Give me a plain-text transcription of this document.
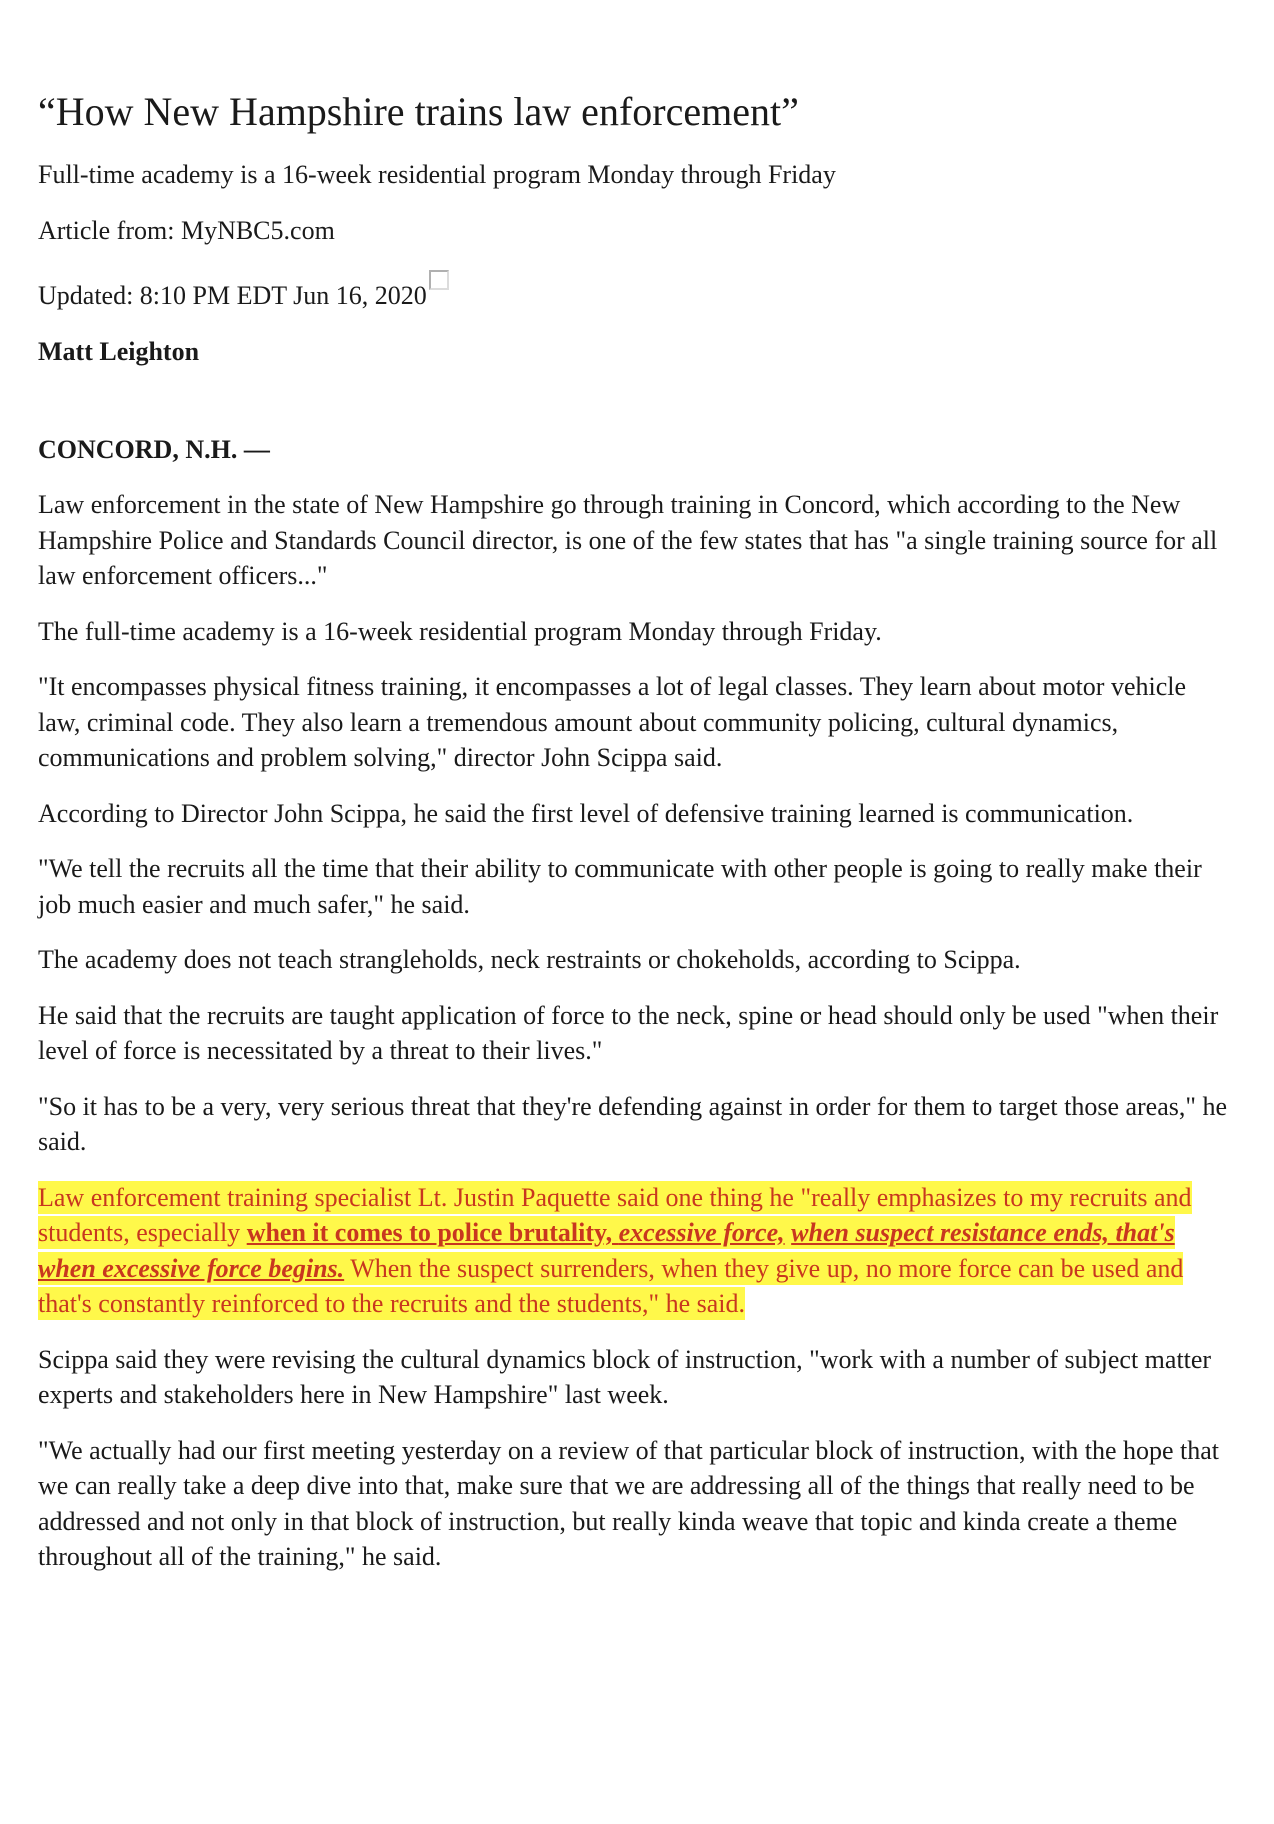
“How New Hampshire trains law enforcement”

Full-time academy is a 16-week residential program Monday through Friday

Article from: MyNBC5.com

Updated: 8:10 PM EDT Jun 16, 2020

Matt Leighton

CONCORD, N.H. —

Law enforcement in the state of New Hampshire go through training in Concord, which according to the New Hampshire Police and Standards Council director, is one of the few states that has "a single training source for all law enforcement officers..."

The full-time academy is a 16-week residential program Monday through Friday.

"It encompasses physical fitness training, it encompasses a lot of legal classes. They learn about motor vehicle law, criminal code. They also learn a tremendous amount about community policing, cultural dynamics, communications and problem solving," director John Scippa said.

According to Director John Scippa, he said the first level of defensive training learned is communication.

"We tell the recruits all the time that their ability to communicate with other people is going to really make their job much easier and much safer," he said.

The academy does not teach strangleholds, neck restraints or chokeholds, according to Scippa.

He said that the recruits are taught application of force to the neck, spine or head should only be used "when their level of force is necessitated by a threat to their lives."

"So it has to be a very, very serious threat that they're defending against in order for them to target those areas," he said.

Law enforcement training specialist Lt. Justin Paquette said one thing he "really emphasizes to my recruits and students, especially when it comes to police brutality, excessive force, when suspect resistance ends, that's when excessive force begins. When the suspect surrenders, when they give up, no more force can be used and that's constantly reinforced to the recruits and the students," he said.

Scippa said they were revising the cultural dynamics block of instruction, "work with a number of subject matter experts and stakeholders here in New Hampshire" last week.

"We actually had our first meeting yesterday on a review of that particular block of instruction, with the hope that we can really take a deep dive into that, make sure that we are addressing all of the things that really need to be addressed and not only in that block of instruction, but really kinda weave that topic and kinda create a theme throughout all of the training," he said.
